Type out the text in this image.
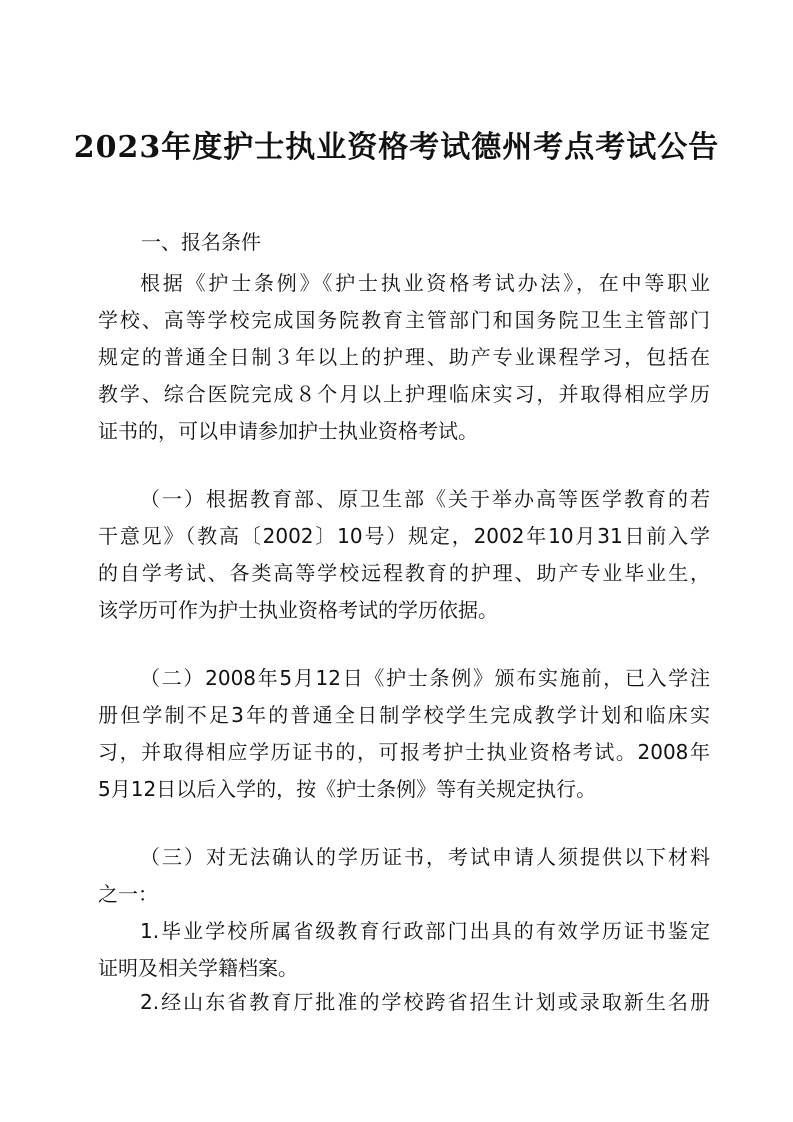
2023年度护士执业资格考试德州考点考试公告
一、报名条件
根据《护士条例》《护士执业资格考试办法》，在中等职业
学校、高等学校完成国务院教育主管部门和国务院卫生主管部门
规定的普通全日制３年以上的护理、助产专业课程学习，包括在
教学、综合医院完成８个月以上护理临床实习，并取得相应学历
证书的，可以申请参加护士执业资格考试。
（一）根据教育部、原卫生部《关于举办高等医学教育的若
干意见》（教高〔2002〕10号）规定，2002年10月31日前入学
的自学考试、各类高等学校远程教育的护理、助产专业毕业生，
该学历可作为护士执业资格考试的学历依据。
（二）2008年5月12日《护士条例》颁布实施前，已入学注
册但学制不足3年的普通全日制学校学生完成教学计划和临床实
习，并取得相应学历证书的，可报考护士执业资格考试。2008年
5月12日以后入学的，按《护士条例》等有关规定执行。
（三）对无法确认的学历证书，考试申请人须提供以下材料
之一：
1.毕业学校所属省级教育行政部门出具的有效学历证书鉴定
证明及相关学籍档案。
2.经山东省教育厅批准的学校跨省招生计划或录取新生名册
